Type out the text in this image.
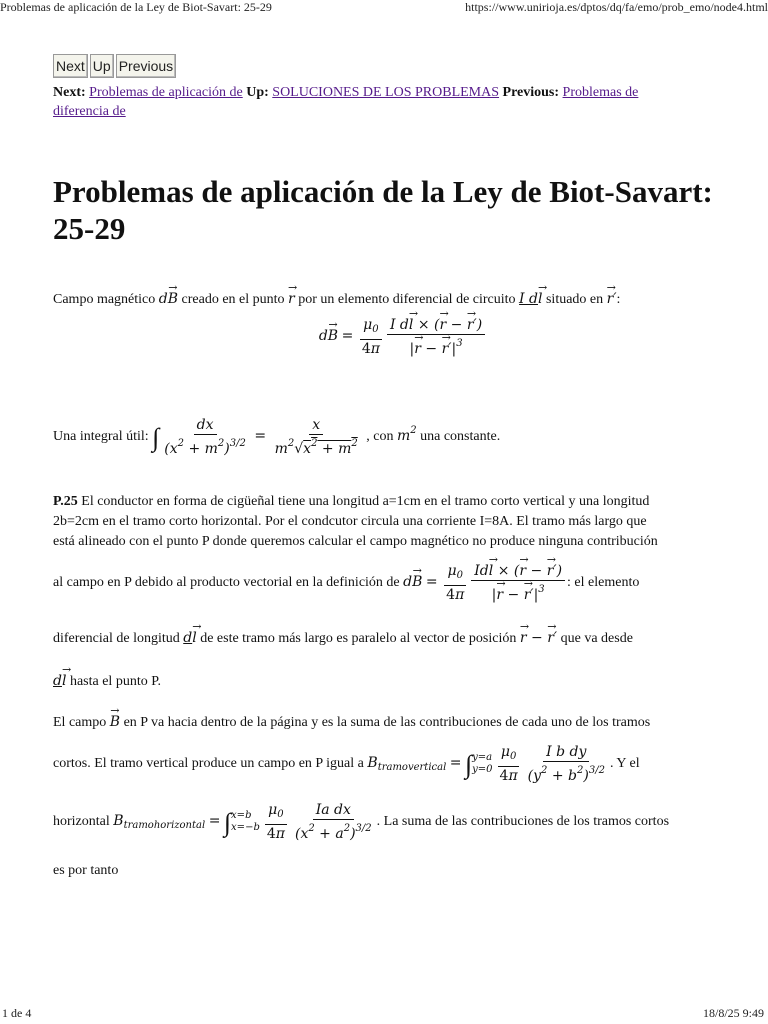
Problemas de aplicación de la Ley de Biot-Savart: 25-29	https://www.unirioja.es/dptos/dq/fa/emo/prob_emo/node4.html
Next Up Previous
Next: Problemas de aplicación de Up: SOLUCIONES DE LOS PROBLEMAS Previous: Problemas de
diferencia de
Problemas de aplicación de la Ley de Biot-Savart:
25-29
Campo magnético d→ B creado en el punto → r por un elemento diferencial de circuito I d→ l situado en → r′:
$d\to B = \frac{\mu_0}{4\pi} \frac{\text{I d→ l × (→ r − → r′)}}{|\to r - \to r'|^3}$
Una integral útil: ∫ $\frac{dx}{(x^2 + m^2)^{3/2}} = \frac{x}{m^2√x^2 + m^2}$ , con $m^2$ una constante.
P.25 El conductor en forma de cigüeñal tiene una longitud a=1cm en el tramo corto vertical y una longitud
2b=2cm en el tramo corto horizontal. Por el condcutor circula una corriente I=8A. El tramo más largo que
está alineado con el punto P donde queremos calcular el campo magnético no produce ninguna contribución
al campo en P debido al producto vectorial en la definición de $d\to B = \frac{\mu_0}{4\pi} \frac{Id\to l \times (\to r - \to r')}{|\to r - \to r'|^3}$ : el elemento
diferencial de longitud d→ l de este tramo más largo es paralelo al vector de posición → r − → r′ que va desde
d→ l hasta el punto P.
El campo → B en P va hacia dentro de la página y es la suma de las contribuciones de cada uno de los tramos
cortos. El tramo vertical produce un campo en P igual a $B_{tramovertical}$ = ∫ y=a
$y=0 \frac{\mu_0}{4\pi} \frac{\text{I b dy}}{(y^2 + b^2)^{3/2}}$ . Y el
horizontal $B_{tramohorizontal}$ = ∫ x=b
$x=-b \frac{\mu_0}{4\pi} \frac{\text{Ia dx}}{(x^2 + a^2)^{3/2}}$ . La suma de las contribuciones de los tramos cortos
es por tanto
1 de 4	18/8/25 9:49
